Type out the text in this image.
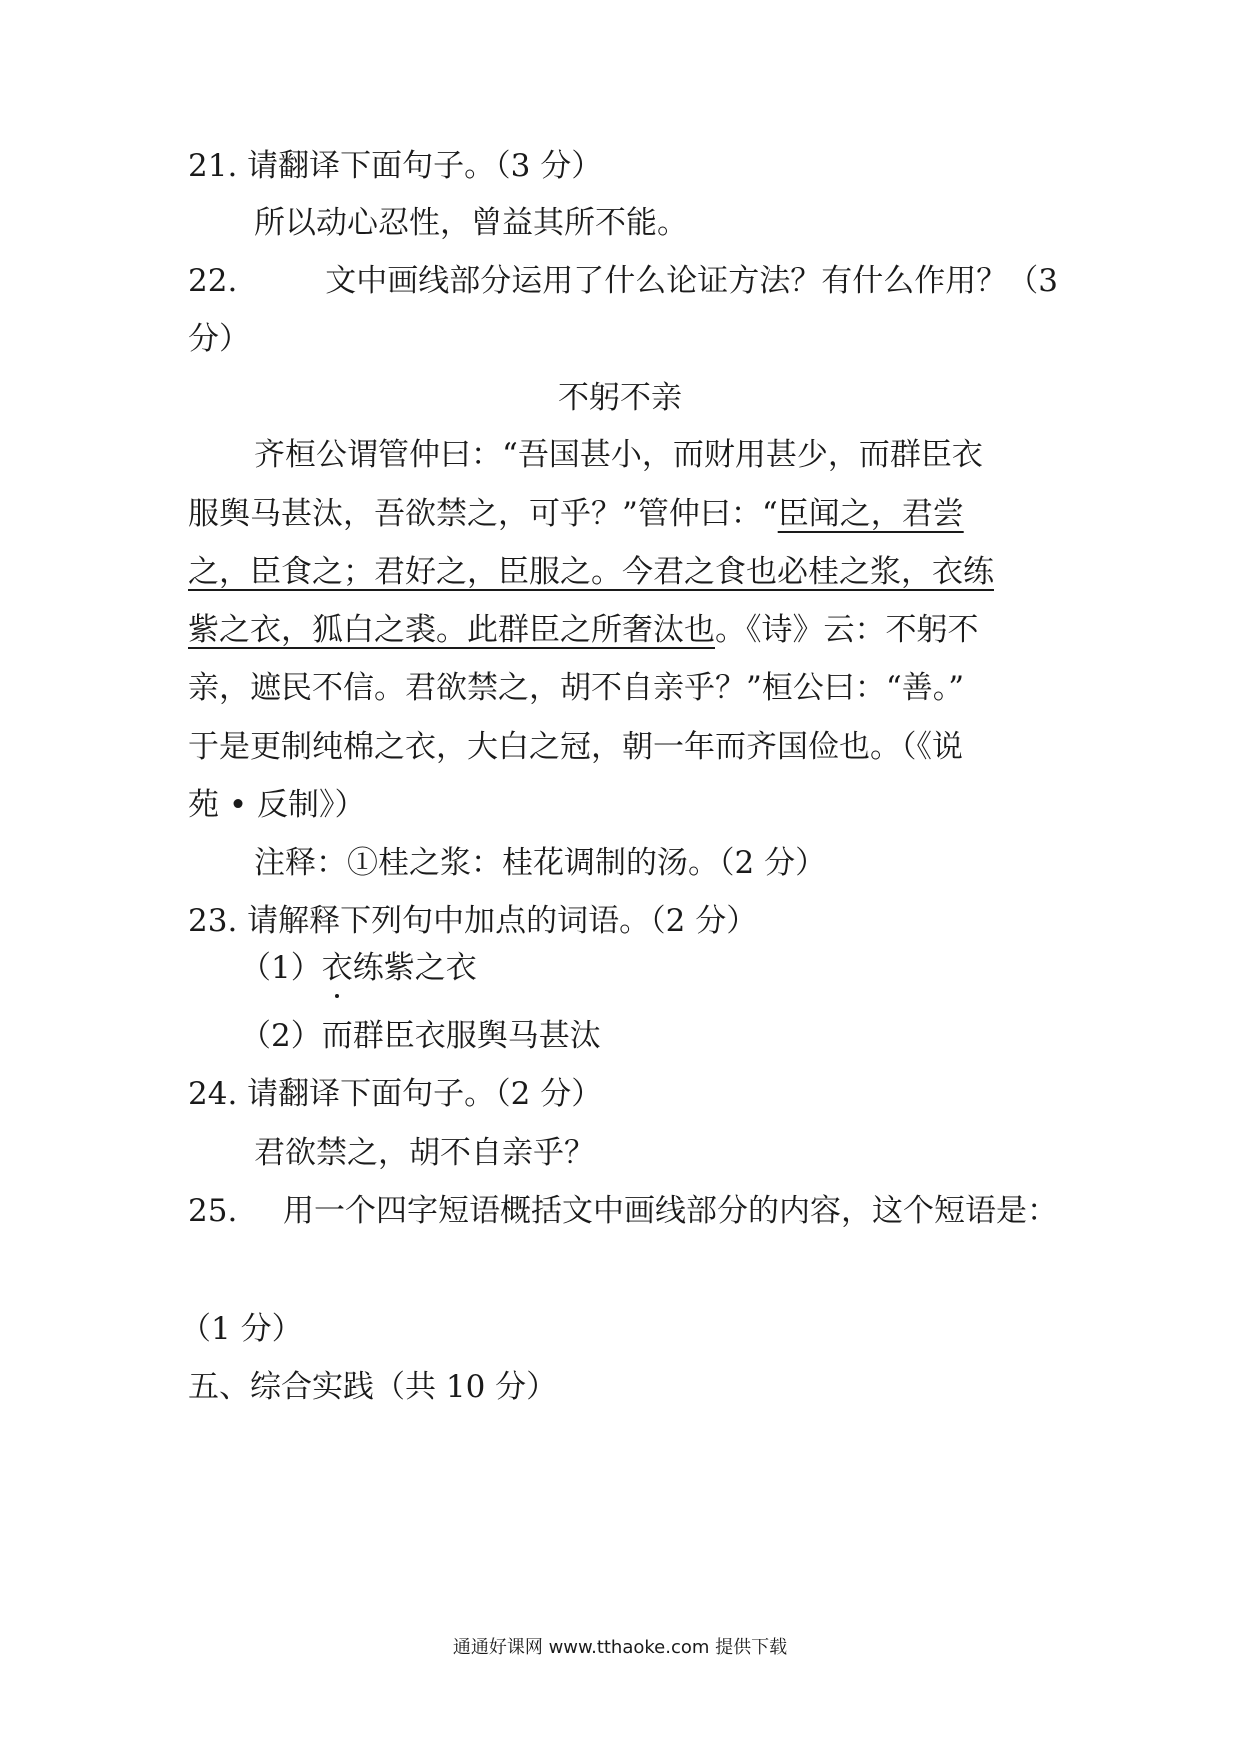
21. 请翻译下面句子。（3 分）
所以动心忍性，曾益其所不能。
22.	文中画线部分运用了什么论证方法？有什么作用？（3
分）
不躬不亲
齐桓公谓管仲曰：“吾国甚小，而财用甚少，而群臣衣
服舆马甚汰，吾欲禁之，可乎？”管仲曰：“臣闻之，君尝
之，臣食之；君好之，臣服之。今君之食也必桂之浆，衣练
紫之衣，狐白之裘。此群臣之所奢汰也。《诗》云：不躬不
亲，遮民不信。君欲禁之，胡不自亲乎？”桓公曰：“善。”
于是更制纯棉之衣，大白之冠，朝一年而齐国俭也。（《说
苑 • 反制》）
注释：①桂之浆：桂花调制的汤。（2 分）
23. 请解释下列句中加点的词语。（2 分）
（1）衣练紫之衣
（2）而群臣衣服舆马甚汰
24. 请翻译下面句子。（2 分）
君欲禁之，胡不自亲乎？
25. 用一个四字短语概括文中画线部分的内容，这个短语是：
（1 分）
五、综合实践（共 10 分）
通通好课网 www.tthaoke.com 提供下载
